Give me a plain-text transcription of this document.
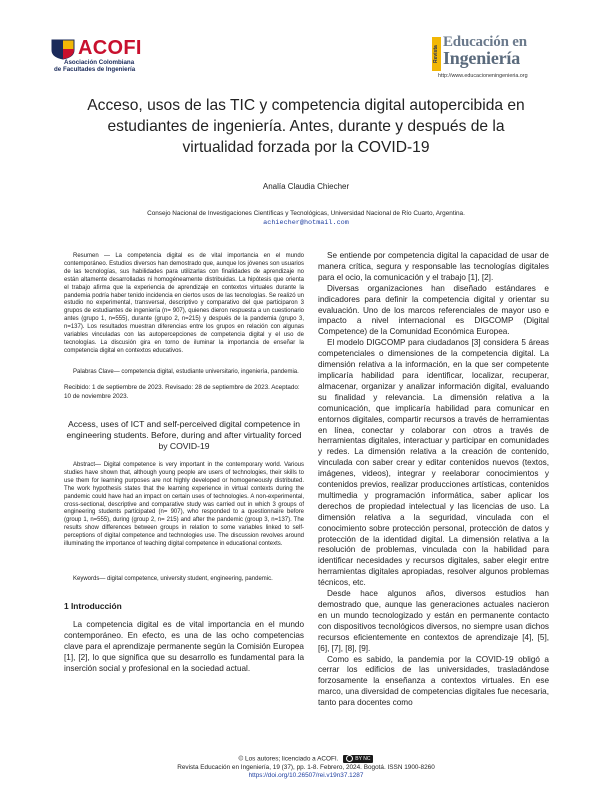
ACOFI
Asociación Colombiana
de Facultades de Ingeniería
Revista
Educación en
Ingeniería
http://www.educacioneningenieria.org
Acceso, usos de las TIC y competencia digital autopercibida en estudiantes de ingeniería. Antes, durante y después de la virtualidad forzada por la COVID-19
Analía Claudia Chiecher
Consejo Nacional de Investigaciones Científicas y Tecnológicas, Universidad Nacional de Río Cuarto, Argentina.
achiecher@hotmail.com

Resumen — La competencia digital es de vital importancia en el mundo contemporáneo. Estudios diversos han demostrado que, aunque los jóvenes son usuarios de las tecnologías, sus habilidades para utilizarlas con finalidades de aprendizaje no están altamente desarrolladas ni homogéneamente distribuidas. La hipótesis que orienta el trabajo afirma que la experiencia de aprendizaje en contextos virtuales durante la pandemia podría haber tenido incidencia en ciertos usos de las tecnologías. Se realizó un estudio no experimental, transversal, descriptivo y comparativo del que participaron 3 grupos de estudiantes de ingeniería (n= 907), quienes dieron respuesta a un cuestionario antes (grupo 1, n=555), durante (grupo 2, n=215) y después de la pandemia (grupo 3, n=137). Los resultados muestran diferencias entre los grupos en relación con algunas variables vinculadas con las autopercepciones de competencia digital y el uso de tecnologías. La discusión gira en torno de iluminar la importancia de enseñar la competencia digital en contextos educativos.

Palabras Clave— competencia digital, estudiante universitario, ingeniería, pandemia.

Recibido: 1 de septiembre de 2023. Revisado: 28 de septiembre de 2023. Aceptado: 10 de noviembre 2023.

Access, uses of ICT and self-perceived digital competence in engineering students. Before, during and after virtuality forced by COVID-19

Abstract— Digital competence is very important in the contemporary world. Various studies have shown that, although young people are users of technologies, their skills to use them for learning purposes are not highly developed or homogeneously distributed. The work hypothesis states that the learning experience in virtual contexts during the pandemic could have had an impact on certain uses of technologies. A non-experimental, cross-sectional, descriptive and comparative study was carried out in which 3 groups of engineering students participated (n= 907), who responded to a questionnaire before (group 1, n=555), during (group 2, n= 215) and after the pandemic (group 3, n=137). The results show differences between groups in relation to some variables linked to self-perceptions of digital competence and technologies use. The discussion revolves around illuminating the importance of teaching digital competence in educational contexts.

Keywords— digital competence, university student, engineering, pandemic.

1 Introducción

La competencia digital es de vital importancia en el mundo contemporáneo. En efecto, es una de las ocho competencias clave para el aprendizaje permanente según la Comisión Europea [1], [2], lo que significa que su desarrollo es fundamental para la inserción social y profesional en la sociedad actual.

Se entiende por competencia digital la capacidad de usar de manera crítica, segura y responsable las tecnologías digitales para el ocio, la comunicación y el trabajo [1], [2].

Diversas organizaciones han diseñado estándares e indicadores para definir la competencia digital y orientar su evaluación. Uno de los marcos referenciales de mayor uso e impacto a nivel internacional es DIGCOMP (Digital Competence) de la Comunidad Económica Europea.

El modelo DIGCOMP para ciudadanos [3] considera 5 áreas competenciales o dimensiones de la competencia digital. La dimensión relativa a la información, en la que ser competente implicaría habilidad para identificar, localizar, recuperar, almacenar, organizar y analizar información digital, evaluando su finalidad y relevancia. La dimensión relativa a la comunicación, que implicaría habilidad para comunicar en entornos digitales, compartir recursos a través de herramientas en línea, conectar y colaborar con otros a través de herramientas digitales, interactuar y participar en comunidades y redes. La dimensión relativa a la creación de contenido, vinculada con saber crear y editar contenidos nuevos (textos, imágenes, videos), integrar y reelaborar conocimientos y contenidos previos, realizar producciones artísticas, contenidos multimedia y programación informática, saber aplicar los derechos de propiedad intelectual y las licencias de uso. La dimensión relativa a la seguridad, vinculada con el conocimiento sobre protección personal, protección de datos y protección de la identidad digital. La dimensión relativa a la resolución de problemas, vinculada con la habilidad para identificar necesidades y recursos digitales, saber elegir entre herramientas digitales apropiadas, resolver algunos problemas técnicos, etc.

Desde hace algunos años, diversos estudios han demostrado que, aunque las generaciones actuales nacieron en un mundo tecnologizado y están en permanente contacto con dispositivos tecnológicos diversos, no siempre usan dichos recursos eficientemente en contextos de aprendizaje [4], [5], [6], [7], [8], [9].

Como es sabido, la pandemia por la COVID-19 obligó a cerrar los edificios de las universidades, trasladándose forzosamente la enseñanza a contextos virtuales. En ese marco, una diversidad de competencias digitales fue necesaria, tanto para docentes como

© Los autores; licenciado a ACOFI.	BY NC
Revista Educación en Ingeniería, 19 (37), pp. 1-8. Febrero, 2024. Bogotá. ISSN 1900-8260
https://doi.org/10.26507/rei.v19n37.1287
